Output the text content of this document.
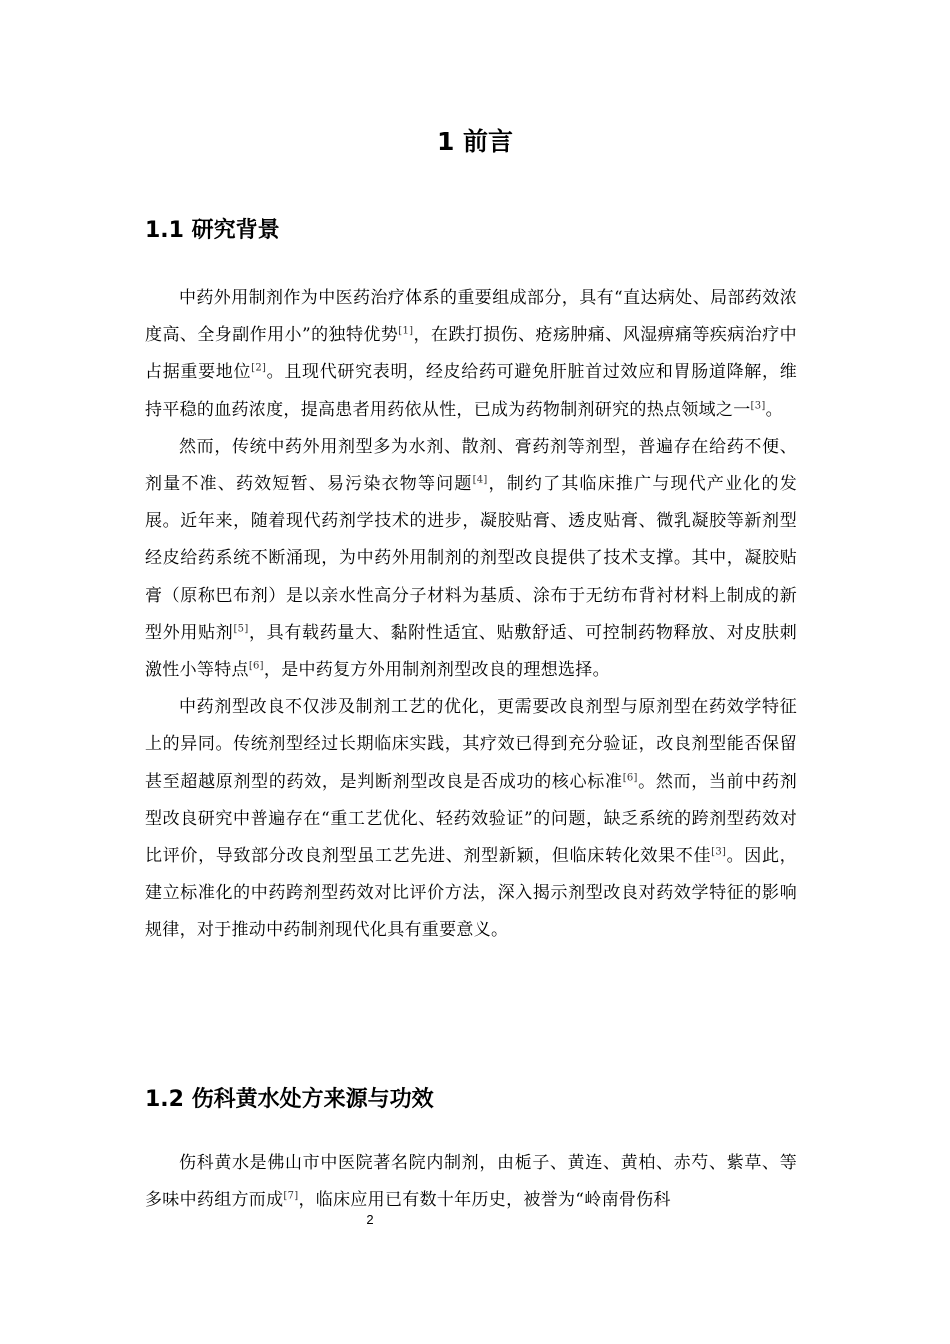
1 前言
1.1 研究背景

中药外用制剂作为中医药治疗体系的重要组成部分，具有“直达病处、局部药效浓度高、全身副作用小”的独特优势[1]，在跌打损伤、疮疡肿痛、风湿痹痛等疾病治疗中占据重要地位[2]。且现代研究表明，经皮给药可避免肝脏首过效应和胃肠道降解，维持平稳的血药浓度，提高患者用药依从性，已成为药物制剂研究的热点领域之一[3]。

然而，传统中药外用剂型多为水剂、散剂、膏药剂等剂型，普遍存在给药不便、剂量不准、药效短暂、易污染衣物等问题[4]，制约了其临床推广与现代产业化的发展。近年来，随着现代药剂学技术的进步，凝胶贴膏、透皮贴膏、微乳凝胶等新剂型经皮给药系统不断涌现，为中药外用制剂的剂型改良提供了技术支撑。其中，凝胶贴膏（原称巴布剂）是以亲水性高分子材料为基质、涂布于无纺布背衬材料上制成的新型外用贴剂[5]，具有载药量大、黏附性适宜、贴敷舒适、可控制药物释放、对皮肤刺激性小等特点[6]，是中药复方外用制剂剂型改良的理想选择。

中药剂型改良不仅涉及制剂工艺的优化，更需要改良剂型与原剂型在药效学特征上的异同。传统剂型经过长期临床实践，其疗效已得到充分验证，改良剂型能否保留甚至超越原剂型的药效，是判断剂型改良是否成功的核心标准[6]。然而，当前中药剂型改良研究中普遍存在“重工艺优化、轻药效验证”的问题，缺乏系统的跨剂型药效对比评价，导致部分改良剂型虽工艺先进、剂型新颖，但临床转化效果不佳[3]。因此，建立标准化的中药跨剂型药效对比评价方法，深入揭示剂型改良对药效学特征的影响规律，对于推动中药制剂现代化具有重要意义。

1.2 伤科黄水处方来源与功效

伤科黄水是佛山市中医院著名院内制剂，由栀子、黄连、黄柏、赤芍、紫草、等多味中药组方而成[7]，临床应用已有数十年历史，被誉为“岭南骨伤科

2
